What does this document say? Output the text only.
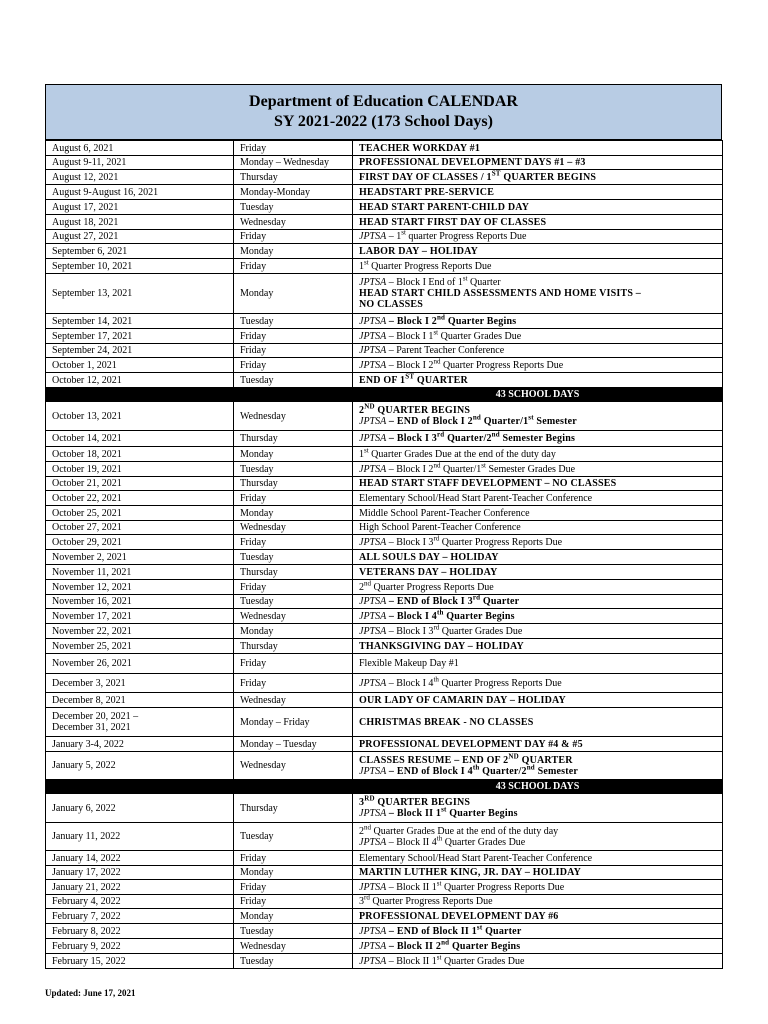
Department of Education CALENDAR
SY 2021-2022 (173 School Days)
August 6, 2021	Friday	TEACHER WORKDAY #1

August 9-11, 2021	Monday – Wednesday	PROFESSIONAL DEVELOPMENT DAYS #1 – #3

August 12, 2021	Thursday	FIRST DAY OF CLASSES / 1ST QUARTER BEGINS

August 9-August 16, 2021	Monday-Monday	HEADSTART PRE-SERVICE

August 17, 2021	Tuesday	HEAD START PARENT-CHILD DAY

August 18, 2021	Wednesday	HEAD START FIRST DAY OF CLASSES

August 27, 2021	Friday	JPTSA – 1st quarter Progress Reports Due

September 6, 2021	Monday	LABOR DAY – HOLIDAY

September 10, 2021	Friday	1st Quarter Progress Reports Due

September 13, 2021	Monday	JPTSA – Block I End of 1st Quarter
HEAD START CHILD ASSESSMENTS AND HOME VISITS –
NO CLASSES

September 14, 2021	Tuesday	JPTSA – Block I 2nd Quarter Begins

September 17, 2021	Friday	JPTSA – Block I 1st Quarter Grades Due

September 24, 2021	Friday	JPTSA – Parent Teacher Conference

October 1, 2021	Friday	JPTSA – Block I 2nd Quarter Progress Reports Due

October 12, 2021	Tuesday	END OF 1ST QUARTER

		43 SCHOOL DAYS
October 13, 2021	Wednesday	2ND QUARTER BEGINS
JPTSA – END of Block I 2nd Quarter/1st Semester

October 14, 2021	Thursday	JPTSA – Block I 3rd Quarter/2nd Semester Begins

October 18, 2021	Monday	1st Quarter Grades Due at the end of the duty day

October 19, 2021	Tuesday	JPTSA – Block I 2nd Quarter/1st Semester Grades Due

October 21, 2021	Thursday	HEAD START STAFF DEVELOPMENT – NO CLASSES

October 22, 2021	Friday	Elementary School/Head Start Parent-Teacher Conference

October 25, 2021	Monday	Middle School Parent-Teacher Conference

October 27, 2021	Wednesday	High School Parent-Teacher Conference

October 29, 2021	Friday	JPTSA – Block I 3rd Quarter Progress Reports Due

November 2, 2021	Tuesday	ALL SOULS DAY – HOLIDAY

November 11, 2021	Thursday	VETERANS DAY – HOLIDAY

November 12, 2021	Friday	2nd Quarter Progress Reports Due

November 16, 2021	Tuesday	JPTSA – END of Block I 3rd Quarter

November 17, 2021	Wednesday	JPTSA – Block I 4th Quarter Begins

November 22, 2021	Monday	JPTSA – Block I 3rd Quarter Grades Due

November 25, 2021	Thursday	THANKSGIVING DAY – HOLIDAY

November 26, 2021	Friday	Flexible Makeup Day #1

December 3, 2021	Friday	JPTSA – Block I 4th Quarter Progress Reports Due

December 8, 2021	Wednesday	OUR LADY OF CAMARIN DAY – HOLIDAY

December 20, 2021 –
December 31, 2021	Monday – Friday	CHRISTMAS BREAK - NO CLASSES

January 3-4, 2022	Monday – Tuesday	PROFESSIONAL DEVELOPMENT DAY #4 & #5

January 5, 2022	Wednesday	CLASSES RESUME – END OF 2ND QUARTER
JPTSA – END of Block I 4th Quarter/2nd Semester

		43 SCHOOL DAYS
January 6, 2022	Thursday	3RD QUARTER BEGINS
JPTSA – Block II 1st Quarter Begins

January 11, 2022	Tuesday	2nd Quarter Grades Due at the end of the duty day
JPTSA – Block II 4th Quarter Grades Due

January 14, 2022	Friday	Elementary School/Head Start Parent-Teacher Conference

January 17, 2022	Monday	MARTIN LUTHER KING, JR. DAY – HOLIDAY

January 21, 2022	Friday	JPTSA – Block II 1st Quarter Progress Reports Due

February 4, 2022	Friday	3rd Quarter Progress Reports Due

February 7, 2022	Monday	PROFESSIONAL DEVELOPMENT DAY #6

February 8, 2022	Tuesday	JPTSA – END of Block II 1st Quarter

February 9, 2022	Wednesday	JPTSA – Block II 2nd Quarter Begins

February 15, 2022	Tuesday	JPTSA – Block II 1st Quarter Grades Due
Updated: June 17, 2021
